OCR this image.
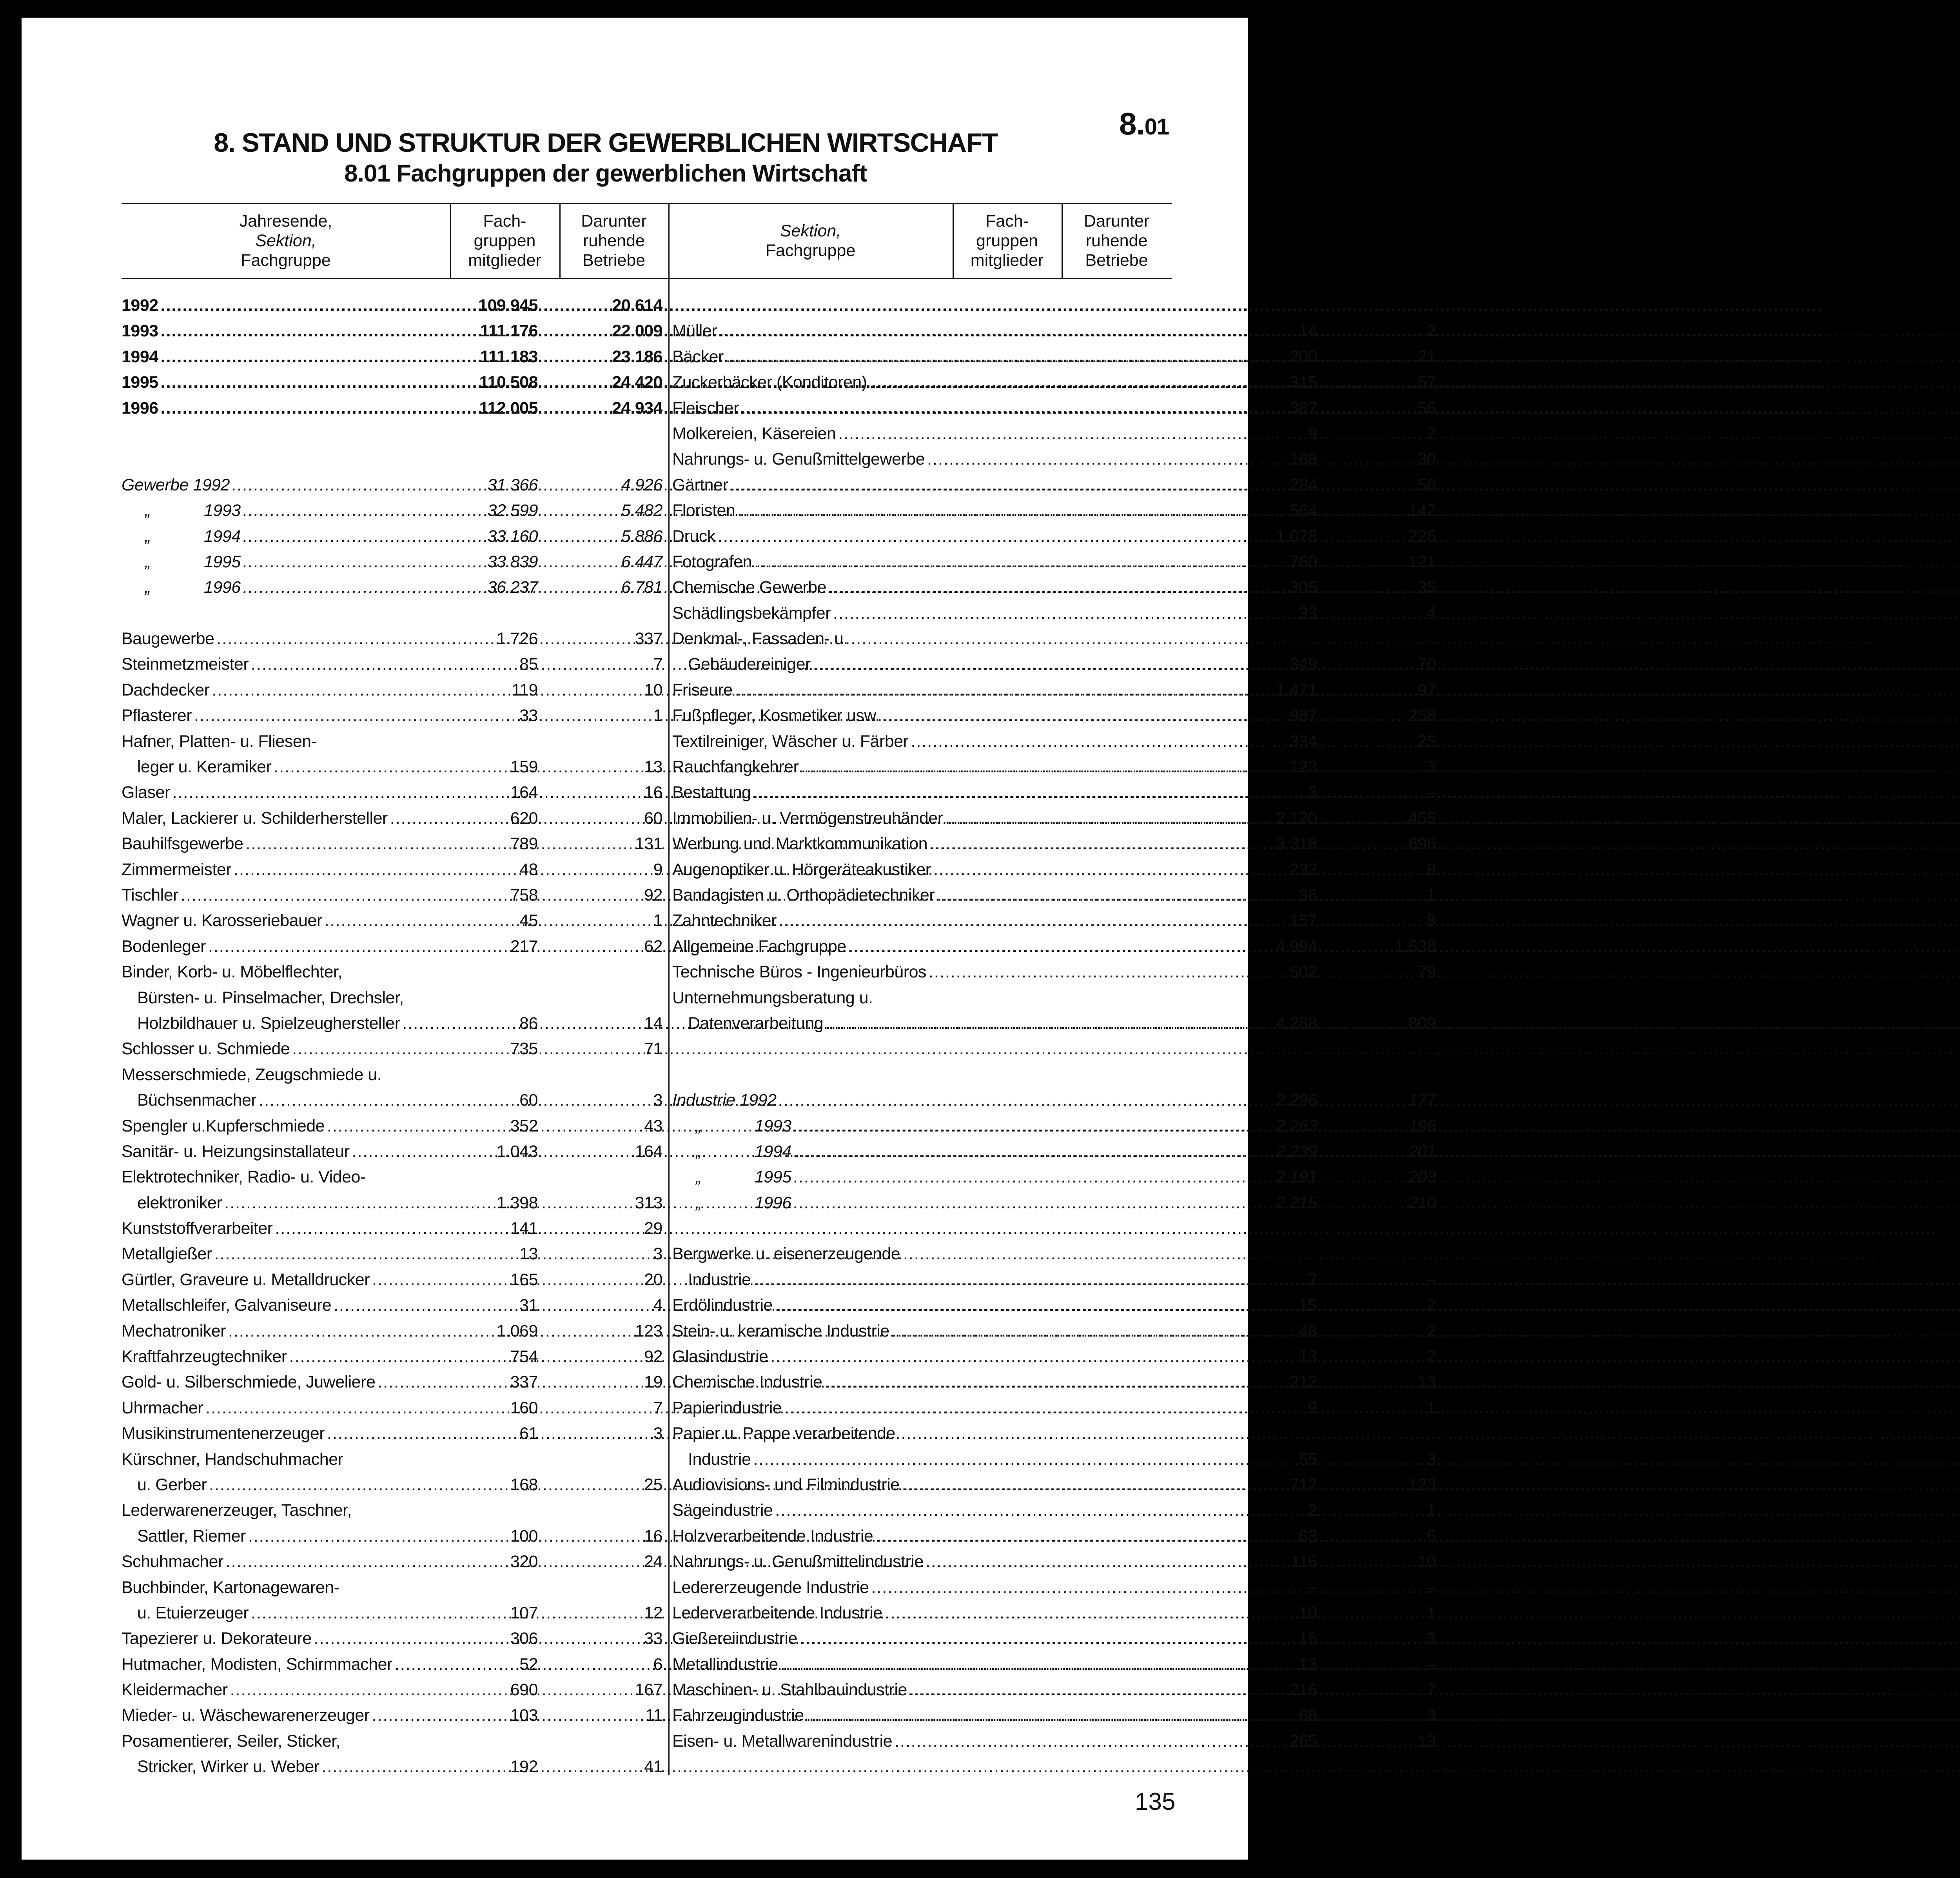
8.01
8. STAND UND STRUKTUR DER GEWERBLICHEN WIRTSCHAFT
8.01 Fachgruppen der gewerblichen Wirtschaft
Jahresende,
Sektion,
Fachgruppe
Fach-
gruppen
mitglieder
Darunter
ruhende
Betriebe
Sektion,
Fachgruppe
Fach-
gruppen
mitglieder
Darunter
ruhende
Betriebe
1992 .....	109.945	20.614
1993 .....	111.176	22.009
1994 .....	111.183	23.186
1995 .....	110.508	24.420
1996 .....	112.005	24.934
Gewerbe 1992 .....	31.366	4.926
„	1993 .....	32.599	5.482
„	1994 .....	33.160	5.886
„	1995 .....	33.839	6.447
„	1996 .....	36.237	6.781
Baugewerbe .....	1.726	337
Steinmetzmeister .....	85	7
Dachdecker .....	119	10
Pflasterer .....	33	1
Hafner, Platten- u. Fliesen-
leger u. Keramiker .....	159	13
Glaser .....	164	16
Maler, Lackierer u. Schilderhersteller .....	620	60
Bauhilfsgewerbe .....	789	131
Zimmermeister .....	48	9
Tischler .....	758	92
Wagner u. Karosseriebauer .....	45	1
Bodenleger .....	217	62
Binder, Korb- u. Möbelflechter,
Bürsten- u. Pinselmacher, Drechsler,
Holzbildhauer u. Spielzeughersteller .....	86	14
Schlosser u. Schmiede .....	735	71
Messerschmiede, Zeugschmiede u.
Büchsenmacher .....	60	3
Spengler u.Kupferschmiede .....	352	43
Sanitär- u. Heizungsinstallateur .....	1.043	164
Elektrotechniker, Radio- u. Video-
elektroniker .....	1.398	313
Kunststoffverarbeiter .....	141	29
Metallgießer .....	13	3
Gürtler, Graveure u. Metalldrucker .....	165	20
Metallschleifer, Galvaniseure .....	31	4
Mechatroniker .....	1.069	123
Kraftfahrzeugtechniker .....	754	92
Gold- u. Silberschmiede, Juweliere .....	337	19
Uhrmacher .....	160	7
Musikinstrumentenerzeuger .....	61	3
Kürschner, Handschuhmacher
u. Gerber .....	168	25
Lederwarenerzeuger, Taschner,
Sattler, Riemer .....	100	16
Schuhmacher .....	320	24
Buchbinder, Kartonagewaren-
u. Etuierzeuger .....	107	12
Tapezierer u. Dekorateure .....	306	33
Hutmacher, Modisten, Schirmmacher .....	52	6
Kleidermacher .....	690	167
Mieder- u. Wäschewarenerzeuger .....	103	11
Posamentierer, Seiler, Sticker,
Stricker, Wirker u. Weber .....	192	41
Müller .....	14	2
Bäcker .....	200	21
Zuckerbäcker (Konditoren) .....	315	57
Fleischer .....	387	56
Molkereien, Käsereien .....	9	2
Nahrungs- u. Genußmittelgewerbe .....	168	30
Gärtner .....	284	56
Floristen .....	564	142
Druck .....	1.078	226
Fotografen .....	760	121
Chemische Gewerbe .....	305	35
Schädlingsbekämpfer .....	33	4
Denkmal-, Fassaden- u.
Gebäudereiniger .....	349	70
Friseure .....	1.471	97
Fußpfleger, Kosmetiker usw. .....	987	258
Textilreiniger, Wäscher u. Färber .....	334	25
Rauchfangkehrer .....	123	3
Bestattung .....	3	–
Immobilien- u. Vermögenstreuhänder .....	2.120	455
Werbung und Marktkommunikation .....	3.318	696
Augenoptiker u. Hörgeräteakustiker .....	232	8
Bandagisten u. Orthopädietechniker .....	36	1
Zahntechniker .....	157	8
Allgemeine Fachgruppe .....	4.994	1.538
Technische Büros - Ingenieurbüros .....	502	79
Unternehmungsberatung u.
Datenverarbeitung .....	4.288	809
Industrie 1992 .....	2.296	177
„	1993 .....	2.263	196
„	1994 .....	2.239	201
„	1995 .....	2.191	203
„	1996 .....	2.215	210
Bergwerke u. eisenerzeugende
Industrie .....	7	–
Erdölindustrie .....	15	2
Stein- u. keramische Industrie .....	48	2
Glasindustrie .....	13	2
Chemische Industrie .....	212	13
Papierindustrie .....	9	1
Papier u. Pappe verarbeitende
Industrie .....	55	3
Audiovisions- und Filmindustrie .....	712	123
Sägeindustrie .....	2	1
Holzverarbeitende Industrie .....	63	6
Nahrungs- u. Genußmittelindustrie .....	116	10
Ledererzeugende Industrie .....	–	–
Lederverarbeitende Industrie .....	10	1
Gießereiindustrie .....	16	3
Metallindustrie .....	13	–
Maschinen- u. Stahlbauindustrie .....	216	7
Fahrzeugindustrie .....	68	3
Eisen- u. Metallwarenindustrie .....	265	13
135
